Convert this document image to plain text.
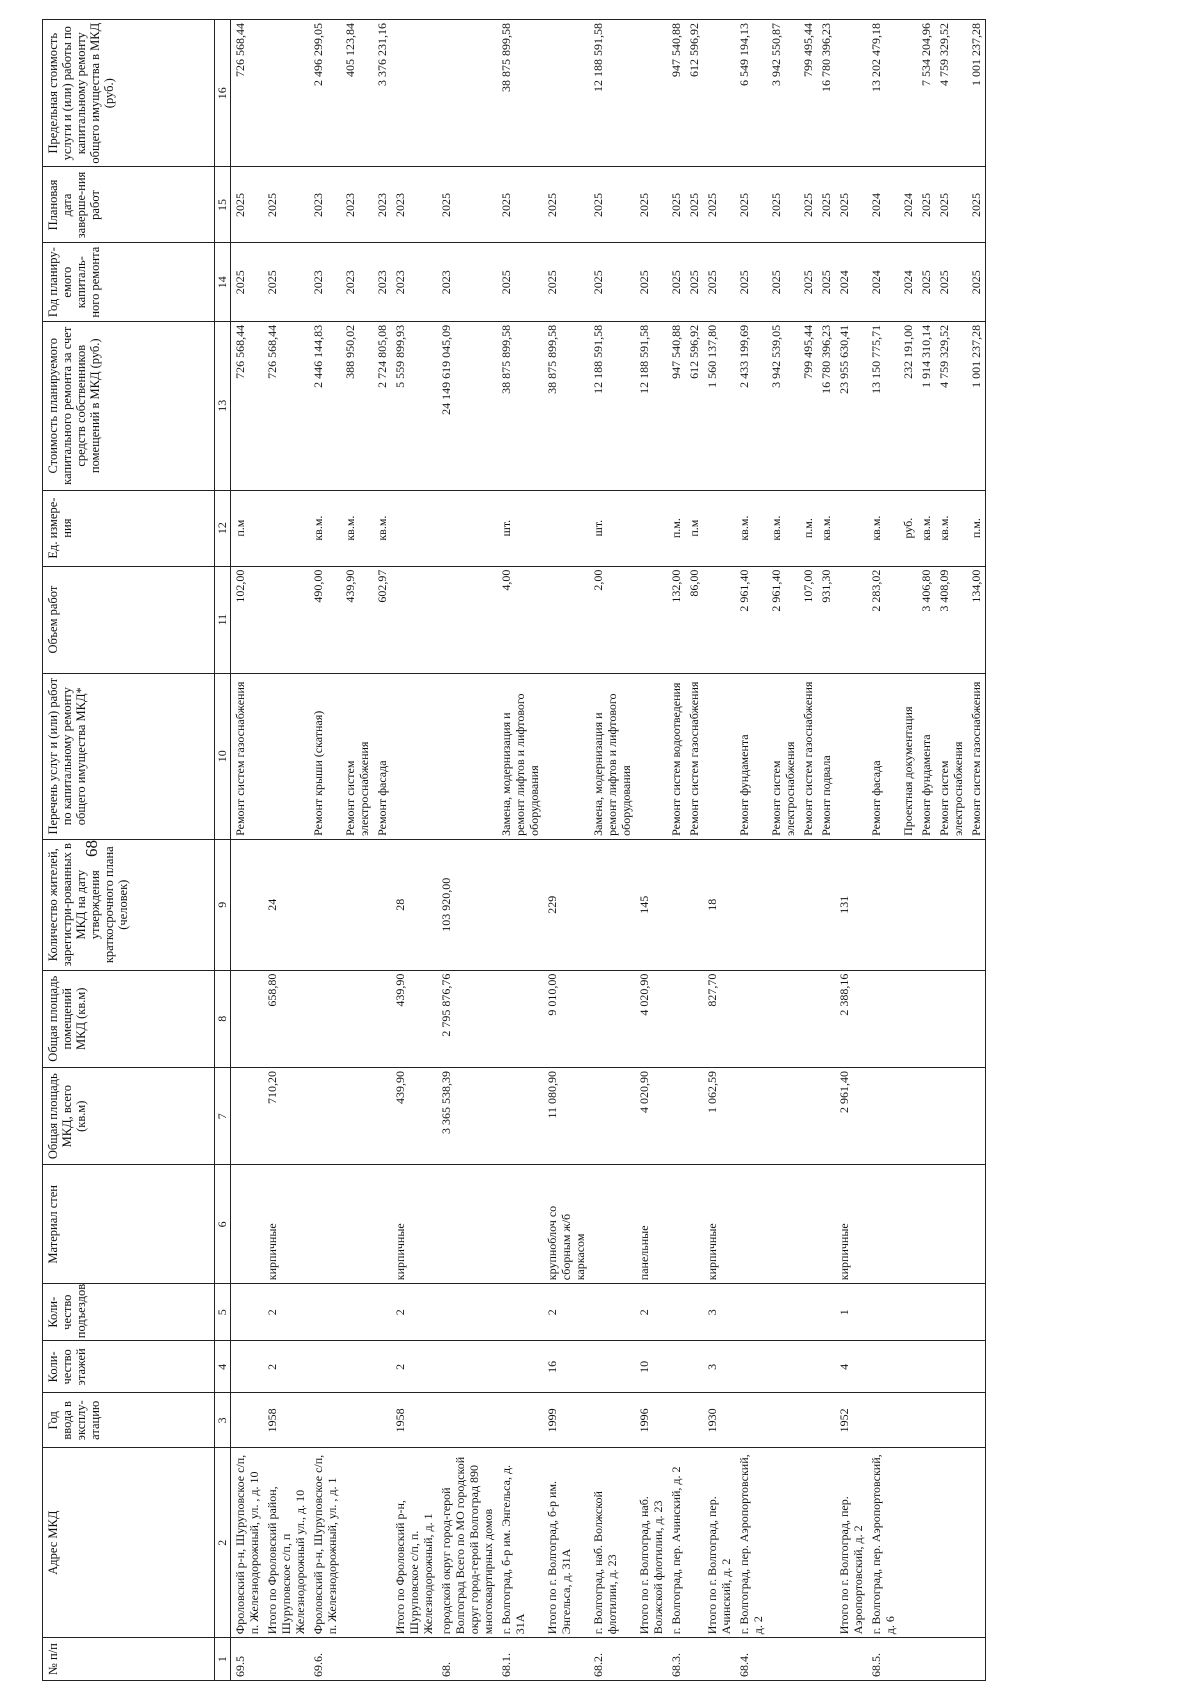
68
№ п/п	Адрес МКД	Год ввода в эксплу-атацию	Коли-чество этажей	Коли-чество подъездов	Материал стен	Общая площадь МКД, всего (кв.м)	Общая площадь помещений МКД (кв.м)	Количество жителей, зарегистри-рованных в МКД на дату утверждения краткосрочного плана (человек)	Перечень услуг и (или) работ по капитальному ремонту общего имущества МКД*	Объем работ	Ед. измере-ния	Стоимость планируемого капитального ремонта за счет средств собственников помещений в МКД (руб.)	Год планиру-емого капиталь-ного ремонта	Плановая дата заверше-ния работ	Предельная стоимость услуги и (или) работы по капитальному ремонту общего имущества в МКД (руб.)
1	2	3	4	5	6	7	8	9	10	11	12	13	14	15	16
69.5	Фроловский р-н, Шуруповское с/п, п. Железнодорожный, ул. , д. 10								Ремонт систем газоснабжения	102,00	п.м	726 568,44	2025	2025	726 568,44
	Итого по Фроловский район, Шуруповское с/п, п Железнодорожный ул., д. 10	1958	2	2	кирпичные	710,20	658,80	24				726 568,44	2025	2025	
69.6.	Фроловский р-н, Шуруповское с/п, п. Железнодорожный, ул. , д. 1								Ремонт крыши (скатная)	490,00	кв.м.	2 446 144,83	2023	2023	2 496 299,05
									Ремонт систем электроснабжения	439,90	кв.м.	388 950,02	2023	2023	405 123,84
									Ремонт фасада	602,97	кв.м.	2 724 805,08	2023	2023	3 376 231,16
	Итого по Фроловский р-н, Шуруповское с/п, п. Железнодорожный, д. 1	1958	2	2	кирпичные	439,90	439,90	28				5 559 899,93	2023	2023	
68.	городской округ город-герой Волгоград Всего по МО городской округ город-герой Волгоград 890 многоквартирных домов					3 365 538,39	2 795 876,76	103 920,00				24 149 619 045,09	2023	2025	
68.1.	г. Волгоград, б-р им. Энгельса, д. 31А								Замена, модернизация и ремонт лифтов и лифтового оборудования	4,00	шт.	38 875 899,58	2025	2025	38 875 899,58
	Итого по г. Волгоград, б-р им. Энгельса, д. 31А	1999	16	2	крупноблоч со сборным ж/б каркасом	11 080,90	9 010,00	229				38 875 899,58	2025	2025	
68.2.	г. Волгоград, наб. Волжской флотилии, д. 23								Замена, модернизация и ремонт лифтов и лифтового оборудования	2,00	шт.	12 188 591,58	2025	2025	12 188 591,58
	Итого по г. Волгоград, наб. Волжской флотилии, д. 23	1996	10	2	панельные	4 020,90	4 020,90	145				12 188 591,58	2025	2025	
68.3.	г. Волгоград, пер. Ачинский, д. 2								Ремонт систем водоотведения	132,00	п.м.	947 540,88	2025	2025	947 540,88
									Ремонт систем газоснабжения	86,00	п.м	612 596,92	2025	2025	612 596,92
	Итого по г. Волгоград, пер. Ачинский, д. 2	1930	3	3	кирпичные	1 062,59	827,70	18				1 560 137,80	2025	2025	
68.4.	г. Волгоград, пер. Аэропортовский, д. 2								Ремонт фундамента	2 961,40	кв.м.	2 433 199,69	2025	2025	6 549 194,13
									Ремонт систем электроснабжения	2 961,40	кв.м.	3 942 539,05	2025	2025	3 942 550,87
									Ремонт систем газоснабжения	107,00	п.м.	799 495,44	2025	2025	799 495,44
									Ремонт подвала	931,30	кв.м.	16 780 396,23	2025	2025	16 780 396,23
	Итого по г. Волгоград, пер. Аэропортовский, д. 2	1952	4	1	кирпичные	2 961,40	2 388,16	131				23 955 630,41	2024	2025	
68.5.	г. Волгоград, пер. Аэропортовский, д. 6								Ремонт фасада	2 283,02	кв.м.	13 150 775,71	2024	2024	13 202 479,18
									Проектная документация		руб.	232 191,00	2024	2024	
									Ремонт фундамента	3 406,80	кв.м.	1 914 310,14	2025	2025	7 534 204,96
									Ремонт систем электроснабжения	3 408,09	кв.м.	4 759 329,52	2025	2025	4 759 329,52
									Ремонт систем газоснабжения	134,00	п.м.	1 001 237,28	2025	2025	1 001 237,28
